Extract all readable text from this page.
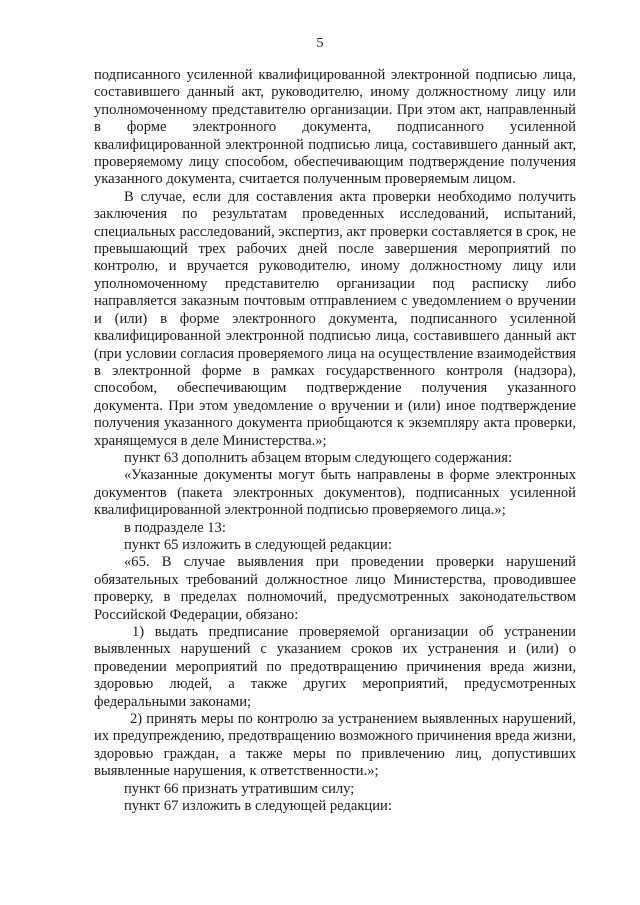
5

подписанного усиленной квалифицированной электронной подписью лица, составившего данный акт, руководителю, иному должностному лицу или уполномоченному представителю организации. При этом акт, направленный в форме электронного документа, подписанного усиленной квалифицированной электронной подписью лица, составившего данный акт, проверяемому лицу способом, обеспечивающим подтверждение получения указанного документа, считается полученным проверяемым лицом.

В случае, если для составления акта проверки необходимо получить заключения по результатам проведенных исследований, испытаний, специальных расследований, экспертиз, акт проверки составляется в срок, не превышающий трех рабочих дней после завершения мероприятий по контролю, и вручается руководителю, иному должностному лицу или уполномоченному представителю организации под расписку либо направляется заказным почтовым отправлением с уведомлением о вручении и (или) в форме электронного документа, подписанного усиленной квалифицированной электронной подписью лица, составившего данный акт (при условии согласия проверяемого лица на осуществление взаимодействия в электронной форме в рамках государственного контроля (надзора), способом, обеспечивающим подтверждение получения указанного документа. При этом уведомление о вручении и (или) иное подтверждение получения указанного документа приобщаются к экземпляру акта проверки, хранящемуся в деле Министерства.»;

пункт 63 дополнить абзацем вторым следующего содержания:

«Указанные документы могут быть направлены в форме электронных документов (пакета электронных документов), подписанных усиленной квалифицированной электронной подписью проверяемого лица.»;

в подразделе 13:

пункт 65 изложить в следующей редакции:

«65. В случае выявления при проведении проверки нарушений обязательных требований должностное лицо Министерства, проводившее проверку, в пределах полномочий, предусмотренных законодательством Российской Федерации, обязано:

1) выдать предписание проверяемой организации об устранении выявленных нарушений с указанием сроков их устранения и (или) о проведении мероприятий по предотвращению причинения вреда жизни, здоровью людей, а также других мероприятий, предусмотренных федеральными законами;

2) принять меры по контролю за устранением выявленных нарушений, их предупреждению, предотвращению возможного причинения вреда жизни, здоровью граждан, а также меры по привлечению лиц, допустивших выявленные нарушения, к ответственности.»;

пункт 66 признать утратившим силу;

пункт 67 изложить в следующей редакции:
